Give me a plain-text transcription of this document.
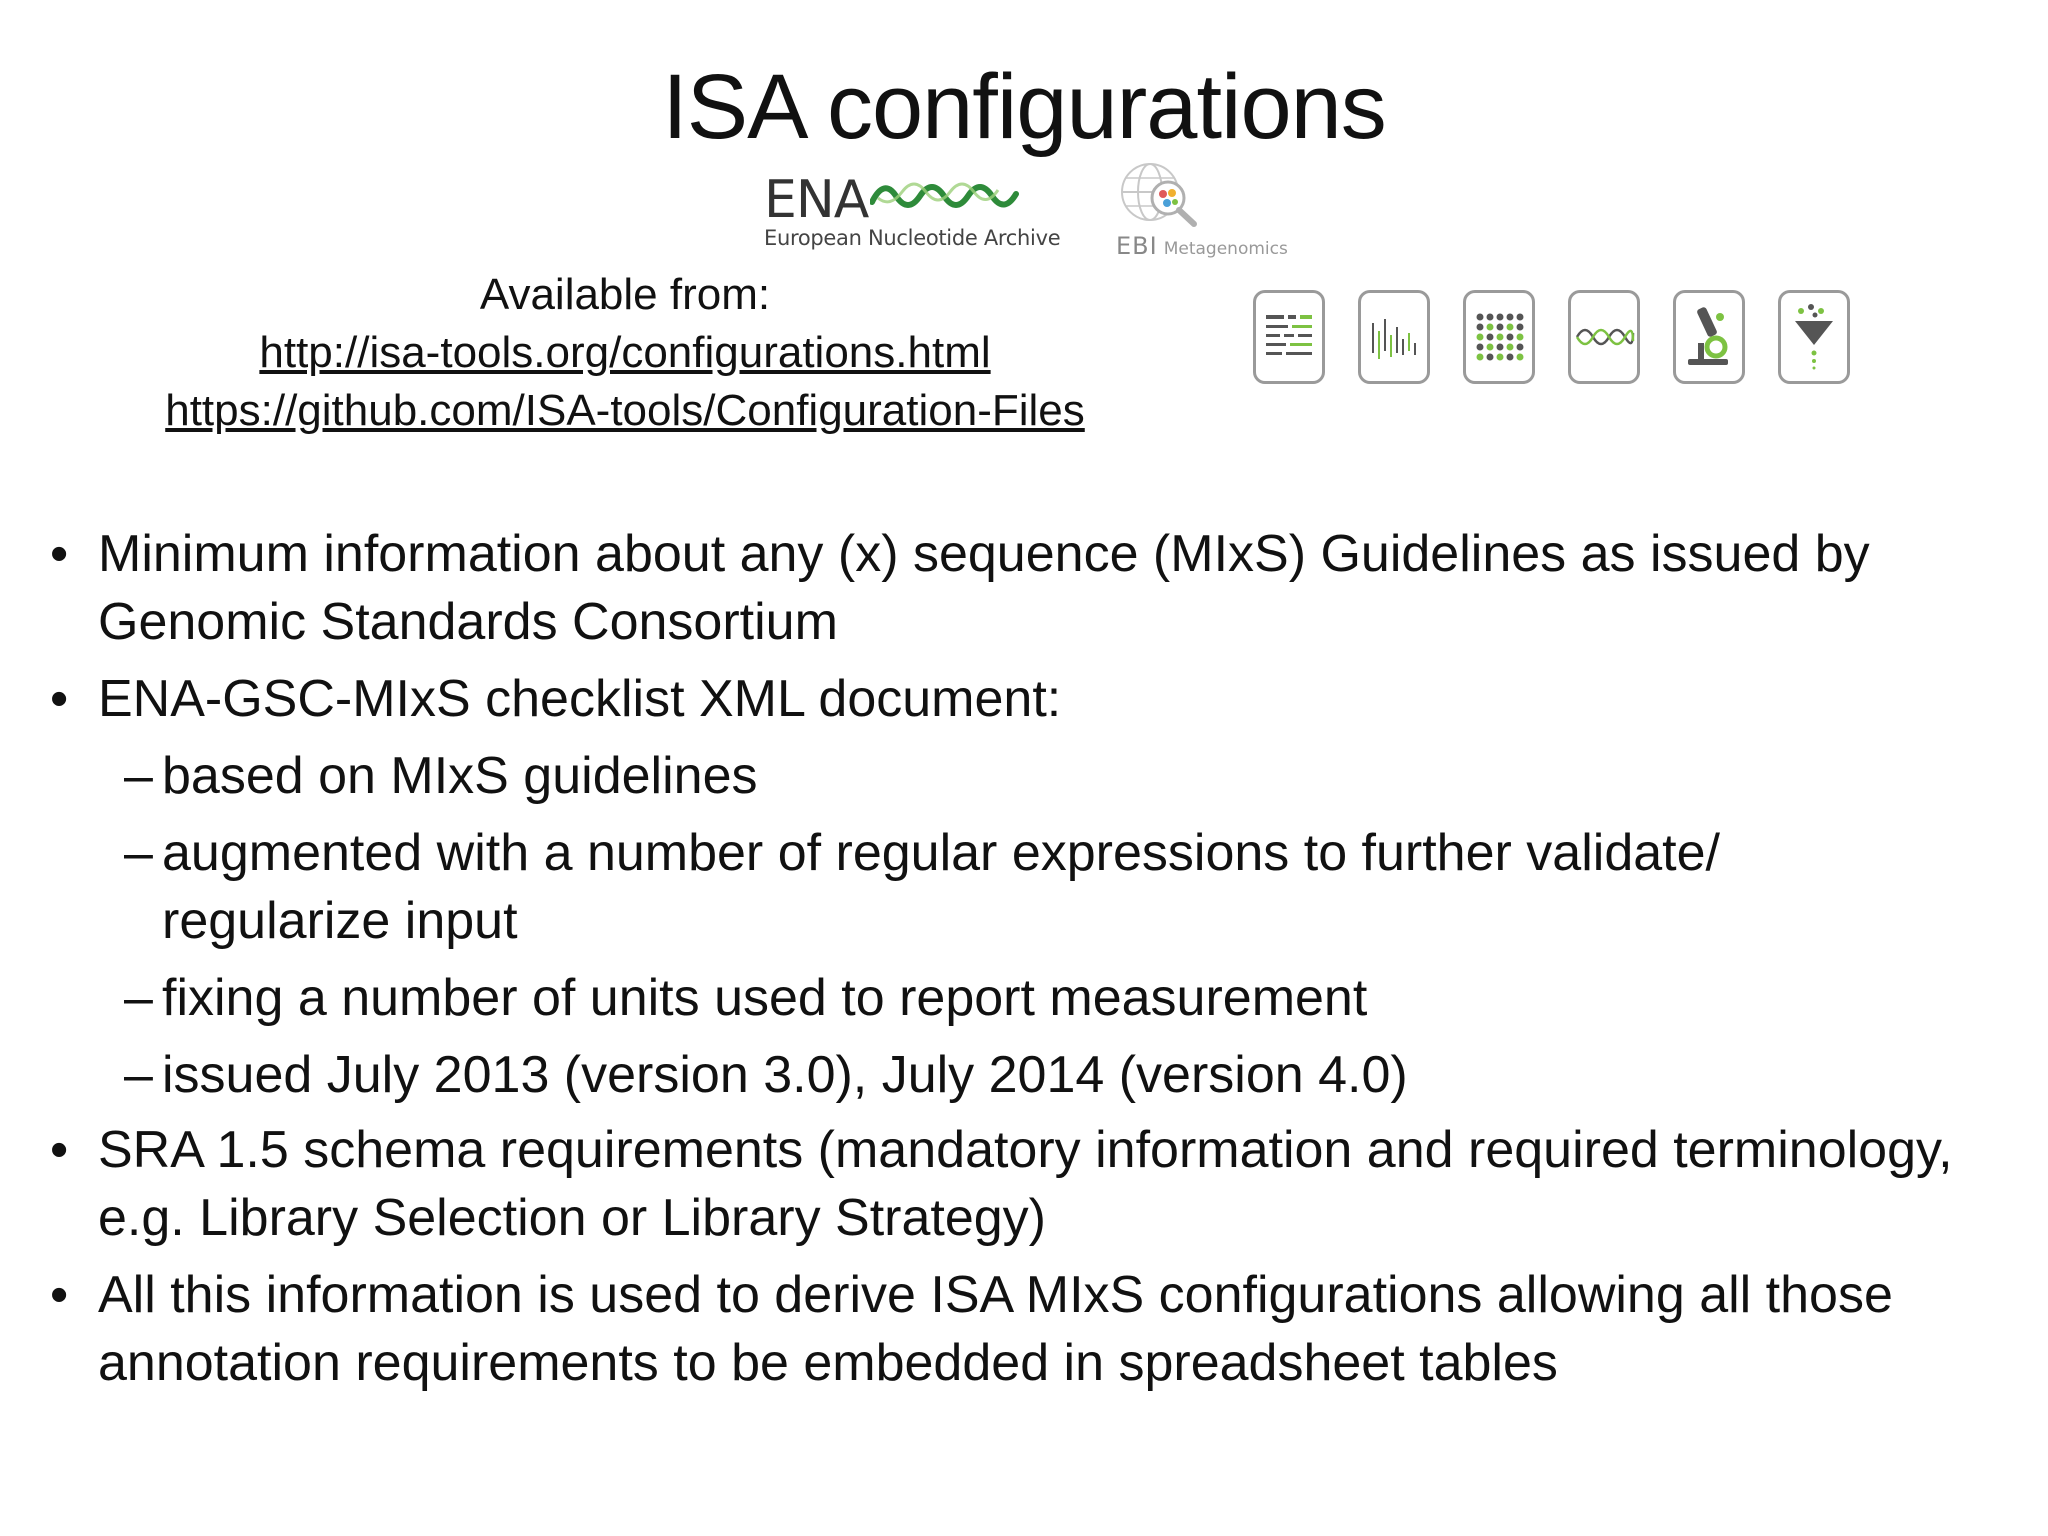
ISA configurations
ENA
European Nucleotide Archive EBI Metagenomics
Available from:
http://isa-tools.org/configurations.html
https://github.com/ISA-tools/Configuration-Files
• Minimum information about any (x) sequence (MIxS) Guidelines as issued by Genomic Standards Consortium
• ENA-GSC-MIxS checklist XML document:
– based on MIxS guidelines
– augmented with a number of regular expressions to further validate/ regularize input
– fixing a number of units used to report measurement
– issued July 2013 (version 3.0), July 2014 (version 4.0)
• SRA 1.5 schema requirements (mandatory information and required terminology, e.g. Library Selection or Library Strategy)
• All this information is used to derive ISA MIxS configurations allowing all those annotation requirements to be embedded in spreadsheet tables
